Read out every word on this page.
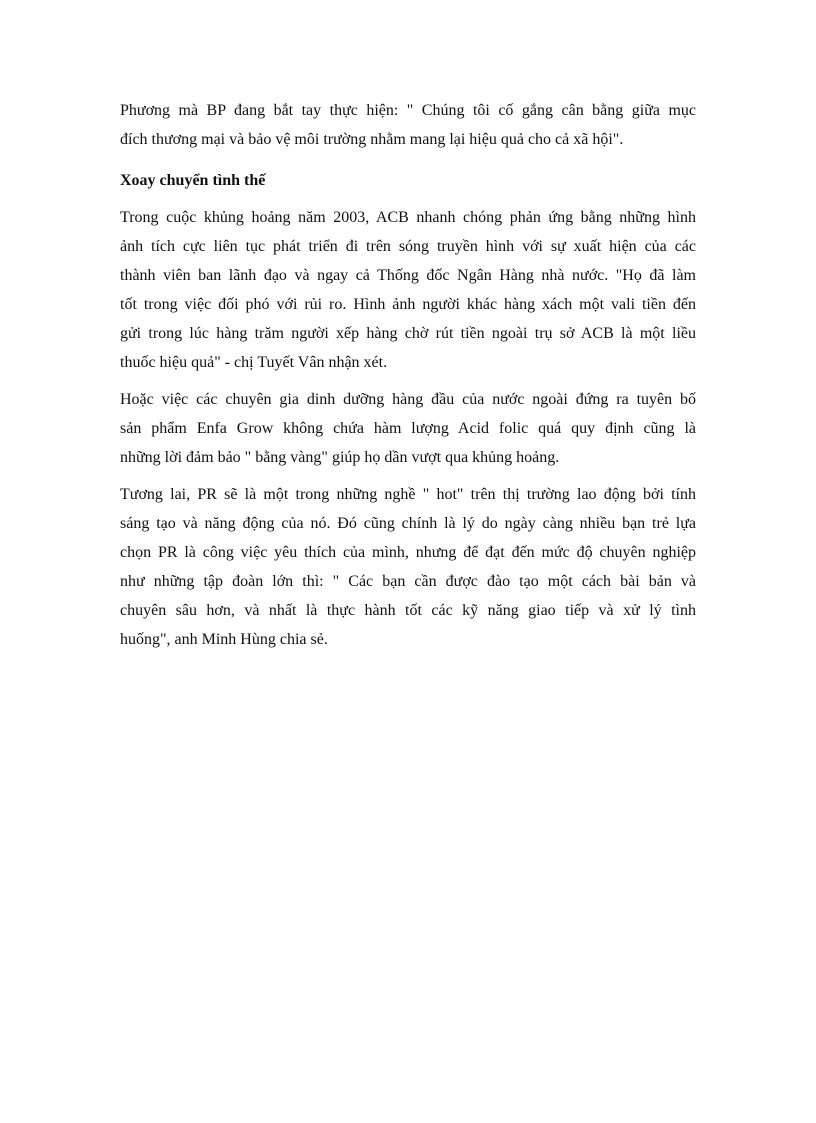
Phương mà BP đang bắt tay thực hiện: " Chúng tôi cố gắng cân bằng giữa mục
đích thương mại và bảo vệ môi trường nhằm mang lại hiệu quả cho cả xã hội".

Xoay chuyển tình thế

Trong cuộc khủng hoảng năm 2003, ACB nhanh chóng phản ứng bằng những hình
ảnh tích cực liên tục phát triển đi trên sóng truyền hình với sự xuất hiện của các
thành viên ban lãnh đạo và ngay cả Thống đốc Ngân Hàng nhà nước. "Họ đã làm
tốt trong việc đối phó với rủi ro. Hình ảnh người khác hàng xách một vali tiền đến
gửi trong lúc hàng trăm người xếp hàng chờ rút tiền ngoài trụ sở ACB là một liều
thuốc hiệu quả" - chị Tuyết Vân nhận xét.

Hoặc việc các chuyên gia dinh dưỡng hàng đầu của nước ngoài đứng ra tuyên bố
sản phẩm Enfa Grow không chứa hàm lượng Acid folic quá quy định cũng là
những lời đảm bảo " bằng vàng" giúp họ dần vượt qua khủng hoảng.

Tương lai, PR sẽ là một trong những nghề " hot" trên thị trường lao động bởi tính
sáng tạo và năng động của nó. Đó cũng chính là lý do ngày càng nhiều bạn trẻ lựa
chọn PR là công việc yêu thích của mình, nhưng để đạt đến mức độ chuyên nghiệp
như những tập đoàn lớn thì: " Các bạn cần được đào tạo một cách bài bản và
chuyên sâu hơn, và nhất là thực hành tốt các kỹ năng giao tiếp và xử lý tình
huống", anh Minh Hùng chia sẻ.
